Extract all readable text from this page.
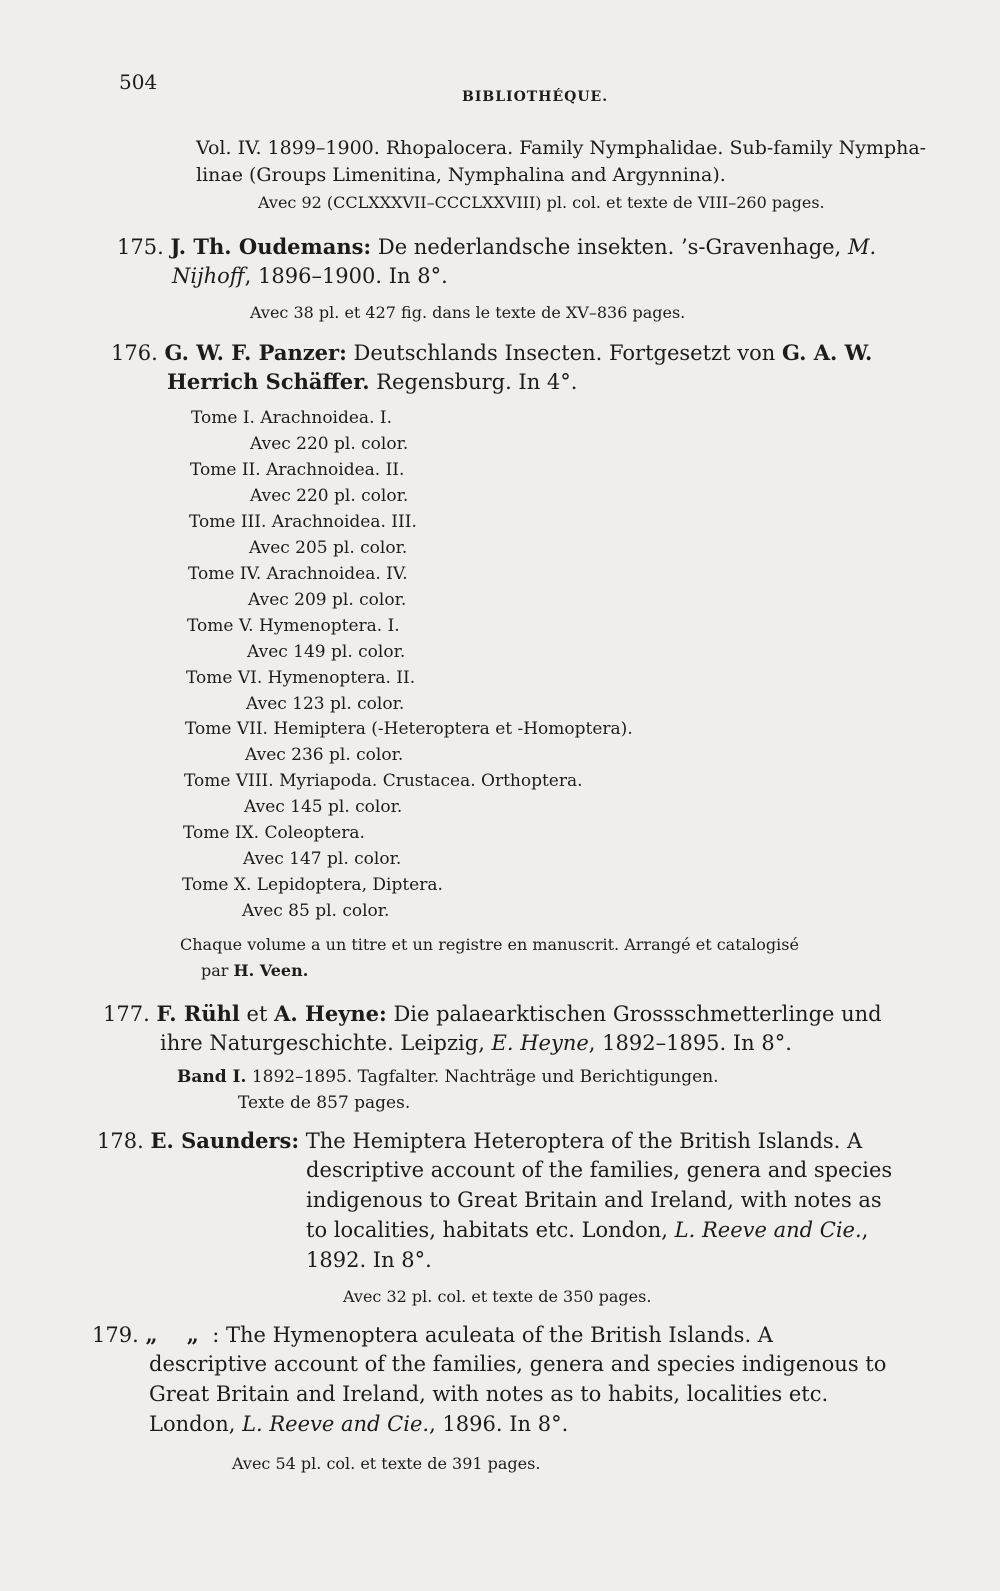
504
BIBLIOTHÉQUE.
Vol. IV. 1899–1900. Rhopalocera. Family Nymphalidae. Sub-family Nympha-
linae (Groups Limenitina, Nymphalina and Argynnina).
Avec 92 (CCLXXXVII–CCCLXXVIII) pl. col. et texte de VIII–260 pages.
175. J. Th. Oudemans: De nederlandsche insekten. ’s-Gravenhage, M.
Nijhoff, 1896–1900. In 8°.
Avec 38 pl. et 427 fig. dans le texte de XV–836 pages.
176. G. W. F. Panzer: Deutschlands Insecten. Fortgesetzt von G. A. W.
Herrich Schäffer. Regensburg. In 4°.
Tome I. Arachnoidea. I.
Avec 220 pl. color.
Tome II. Arachnoidea. II.
Avec 220 pl. color.
Tome III. Arachnoidea. III.
Avec 205 pl. color.
Tome IV. Arachnoidea. IV.
Avec 209 pl. color.
Tome V. Hymenoptera. I.
Avec 149 pl. color.
Tome VI. Hymenoptera. II.
Avec 123 pl. color.
Tome VII. Hemiptera (-Heteroptera et -Homoptera).
Avec 236 pl. color.
Tome VIII. Myriapoda. Crustacea. Orthoptera.
Avec 145 pl. color.
Tome IX. Coleoptera.
Avec 147 pl. color.
Tome X. Lepidoptera, Diptera.
Avec 85 pl. color.
Chaque volume a un titre et un registre en manuscrit. Arrangé et catalogisé
par H. Veen.
177. F. Rühl et A. Heyne: Die palaearktischen Grossschmetterlinge und
ihre Naturgeschichte. Leipzig, E. Heyne, 1892–1895. In 8°.
Band I. 1892–1895. Tagfalter. Nachträge und Berichtigungen.
Texte de 857 pages.
178. E. Saunders: The Hemiptera Heteroptera of the British Islands. A
descriptive account of the families, genera and species
indigenous to Great Britain and Ireland, with notes as
to localities, habitats etc. London, L. Reeve and Cie.,
1892. In 8°.
Avec 32 pl. col. et texte de 350 pages.
179. „    „  : The Hymenoptera aculeata of the British Islands. A
descriptive account of the families, genera and species indigenous to
Great Britain and Ireland, with notes as to habits, localities etc.
London, L. Reeve and Cie., 1896. In 8°.
Avec 54 pl. col. et texte de 391 pages.
